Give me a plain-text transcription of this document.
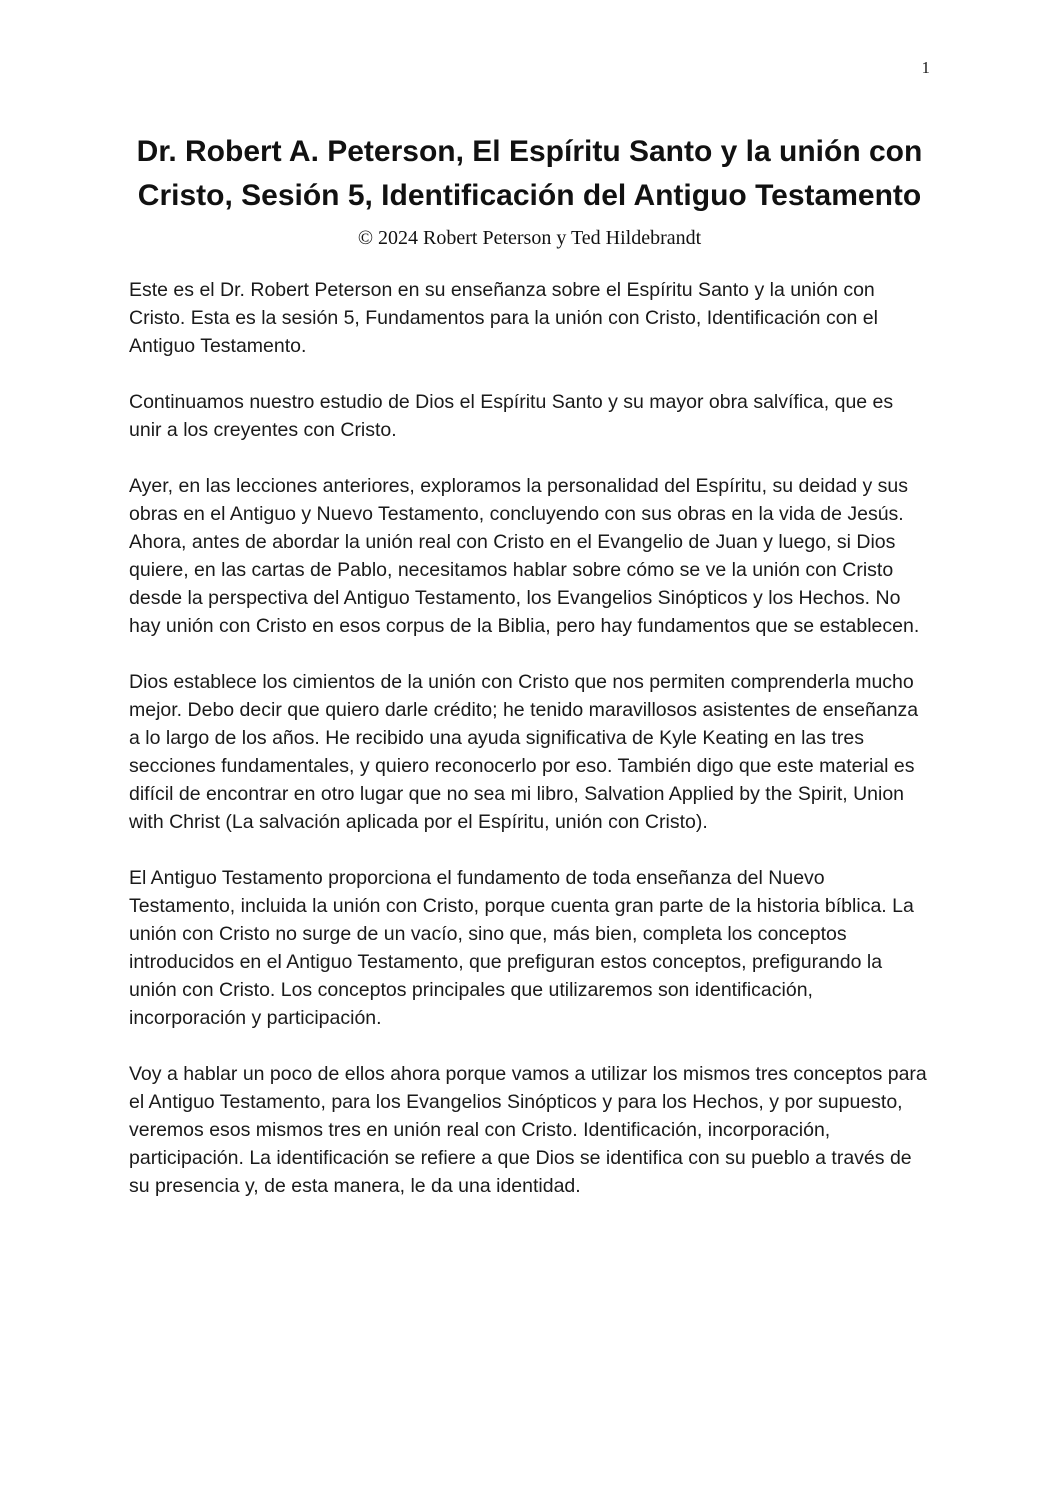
1
Dr. Robert A. Peterson, El Espíritu Santo y la unión con Cristo, Sesión 5, Identificación del Antiguo Testamento
© 2024 Robert Peterson y Ted Hildebrandt

Este es el Dr. Robert Peterson en su enseñanza sobre el Espíritu Santo y la unión con Cristo. Esta es la sesión 5, Fundamentos para la unión con Cristo, Identificación con el Antiguo Testamento.

Continuamos nuestro estudio de Dios el Espíritu Santo y su mayor obra salvífica, que es unir a los creyentes con Cristo.

Ayer, en las lecciones anteriores, exploramos la personalidad del Espíritu, su deidad y sus obras en el Antiguo y Nuevo Testamento, concluyendo con sus obras en la vida de Jesús. Ahora, antes de abordar la unión real con Cristo en el Evangelio de Juan y luego, si Dios quiere, en las cartas de Pablo, necesitamos hablar sobre cómo se ve la unión con Cristo desde la perspectiva del Antiguo Testamento, los Evangelios Sinópticos y los Hechos. No hay unión con Cristo en esos corpus de la Biblia, pero hay fundamentos que se establecen.

Dios establece los cimientos de la unión con Cristo que nos permiten comprenderla mucho mejor. Debo decir que quiero darle crédito; he tenido maravillosos asistentes de enseñanza a lo largo de los años. He recibido una ayuda significativa de Kyle Keating en las tres secciones fundamentales, y quiero reconocerlo por eso. También digo que este material es difícil de encontrar en otro lugar que no sea mi libro, Salvation Applied by the Spirit, Union with Christ (La salvación aplicada por el Espíritu, unión con Cristo).

El Antiguo Testamento proporciona el fundamento de toda enseñanza del Nuevo Testamento, incluida la unión con Cristo, porque cuenta gran parte de la historia bíblica. La unión con Cristo no surge de un vacío, sino que, más bien, completa los conceptos introducidos en el Antiguo Testamento, que prefiguran estos conceptos, prefigurando la unión con Cristo. Los conceptos principales que utilizaremos son identificación, incorporación y participación.

Voy a hablar un poco de ellos ahora porque vamos a utilizar los mismos tres conceptos para el Antiguo Testamento, para los Evangelios Sinópticos y para los Hechos, y por supuesto, veremos esos mismos tres en unión real con Cristo. Identificación, incorporación, participación. La identificación se refiere a que Dios se identifica con su pueblo a través de su presencia y, de esta manera, le da una identidad.
